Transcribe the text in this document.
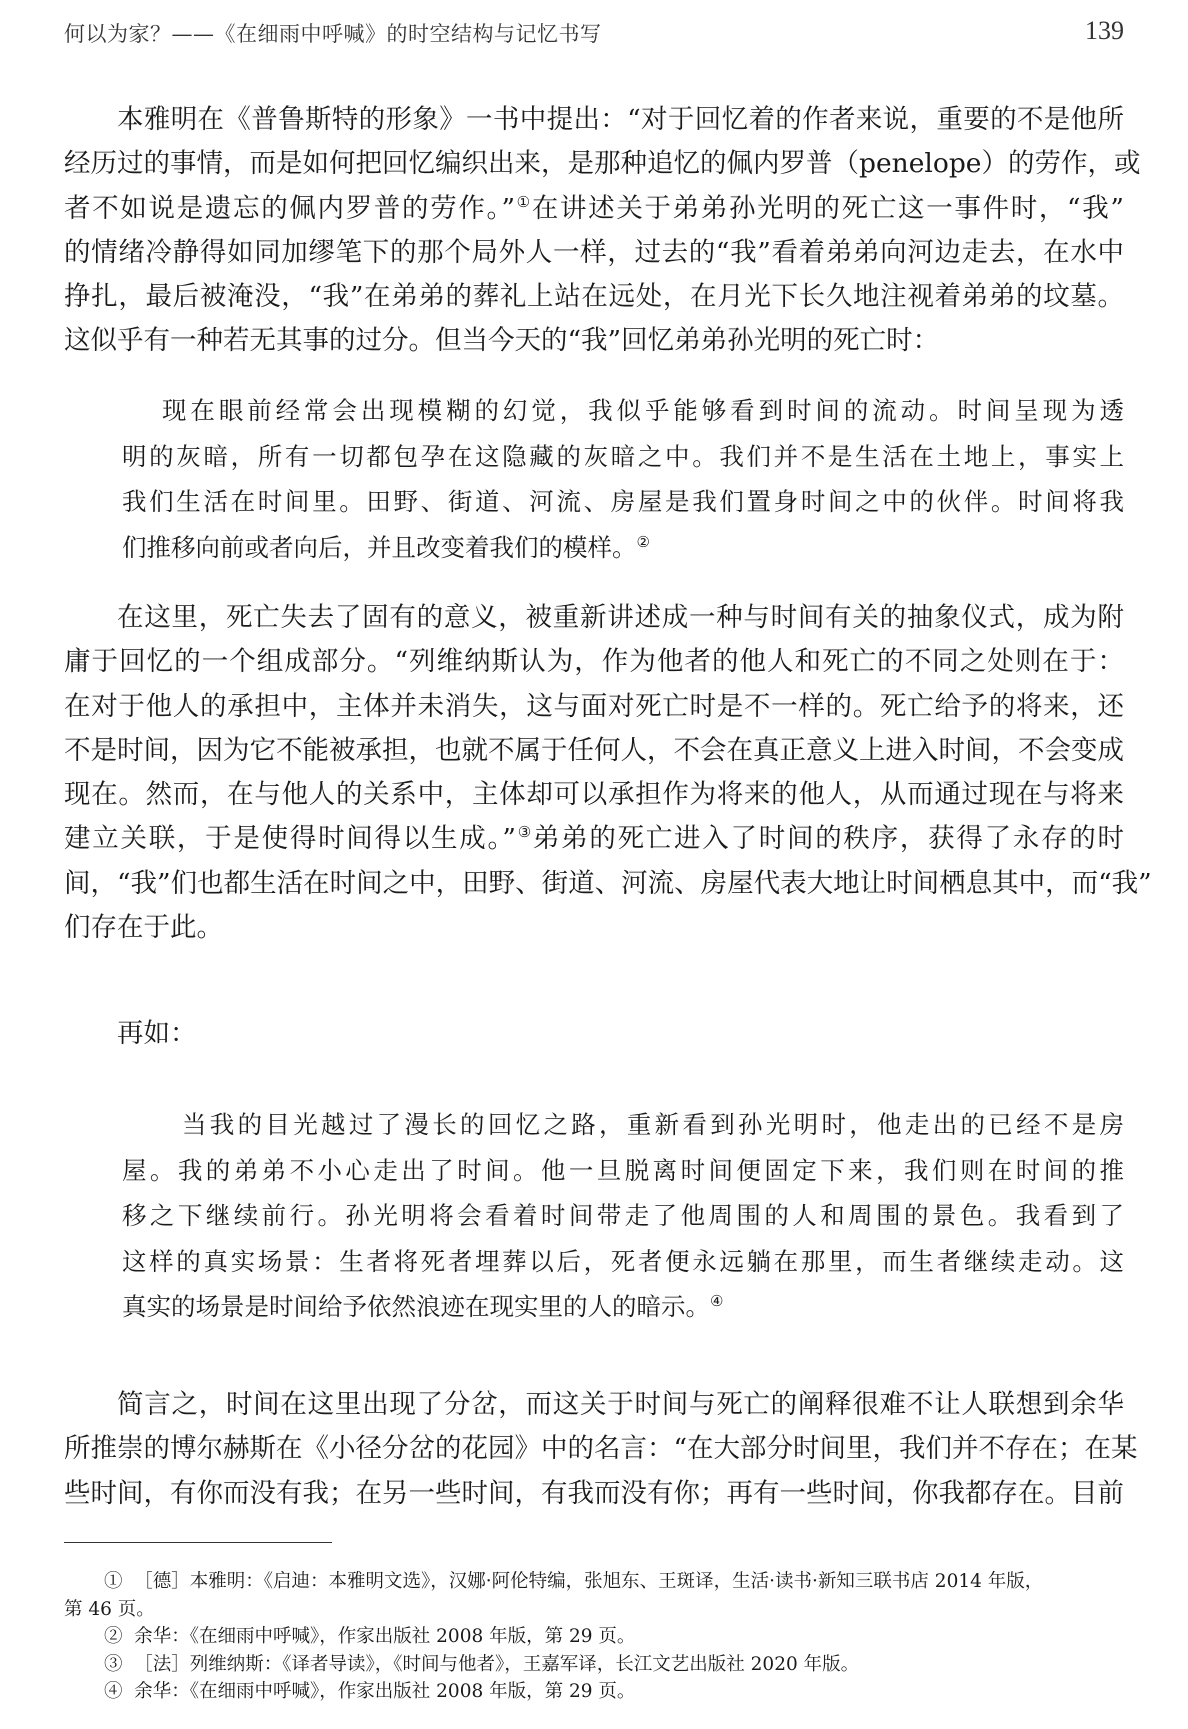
何以为家？——《在细雨中呼喊》的时空结构与记忆书写	139
本雅明在《普鲁斯特的形象》一书中提出：“对于回忆着的作者来说，重要的不是他所
经历过的事情，而是如何把回忆编织出来，是那种追忆的佩内罗普（penelope）的劳作，或
者不如说是遗忘的佩内罗普的劳作。”①在讲述关于弟弟孙光明的死亡这一事件时，“我”
的情绪冷静得如同加缪笔下的那个局外人一样，过去的“我”看着弟弟向河边走去，在水中
挣扎，最后被淹没，“我”在弟弟的葬礼上站在远处，在月光下长久地注视着弟弟的坟墓。
这似乎有一种若无其事的过分。但当今天的“我”回忆弟弟孙光明的死亡时：
现在眼前经常会出现模糊的幻觉，我似乎能够看到时间的流动。时间呈现为透
明的灰暗，所有一切都包孕在这隐藏的灰暗之中。我们并不是生活在土地上，事实上
我们生活在时间里。田野、街道、河流、房屋是我们置身时间之中的伙伴。时间将我
们推移向前或者向后，并且改变着我们的模样。②
在这里，死亡失去了固有的意义，被重新讲述成一种与时间有关的抽象仪式，成为附
庸于回忆的一个组成部分。“列维纳斯认为，作为他者的他人和死亡的不同之处则在于：
在对于他人的承担中，主体并未消失，这与面对死亡时是不一样的。死亡给予的将来，还
不是时间，因为它不能被承担，也就不属于任何人，不会在真正意义上进入时间，不会变成
现在。然而，在与他人的关系中，主体却可以承担作为将来的他人，从而通过现在与将来
建立关联，于是使得时间得以生成。”③弟弟的死亡进入了时间的秩序，获得了永存的时
间，“我”们也都生活在时间之中，田野、街道、河流、房屋代表大地让时间栖息其中，而“我”
们存在于此。
再如：
当我的目光越过了漫长的回忆之路，重新看到孙光明时，他走出的已经不是房
屋。我的弟弟不小心走出了时间。他一旦脱离时间便固定下来，我们则在时间的推
移之下继续前行。孙光明将会看着时间带走了他周围的人和周围的景色。我看到了
这样的真实场景：生者将死者埋葬以后，死者便永远躺在那里，而生者继续走动。这
真实的场景是时间给予依然浪迹在现实里的人的暗示。④
简言之，时间在这里出现了分岔，而这关于时间与死亡的阐释很难不让人联想到余华
所推崇的博尔赫斯在《小径分岔的花园》中的名言：“在大部分时间里，我们并不存在；在某
些时间，有你而没有我；在另一些时间，有我而没有你；再有一些时间，你我都存在。目前
① ［德］本雅明：《启迪：本雅明文选》，汉娜·阿伦特编，张旭东、王斑译，生活·读书·新知三联书店 2014 年版，
第 46 页。
② 余华：《在细雨中呼喊》，作家出版社 2008 年版，第 29 页。
③ ［法］列维纳斯：《译者导读》，《时间与他者》，王嘉军译，长江文艺出版社 2020 年版。
④ 余华：《在细雨中呼喊》，作家出版社 2008 年版，第 29 页。
